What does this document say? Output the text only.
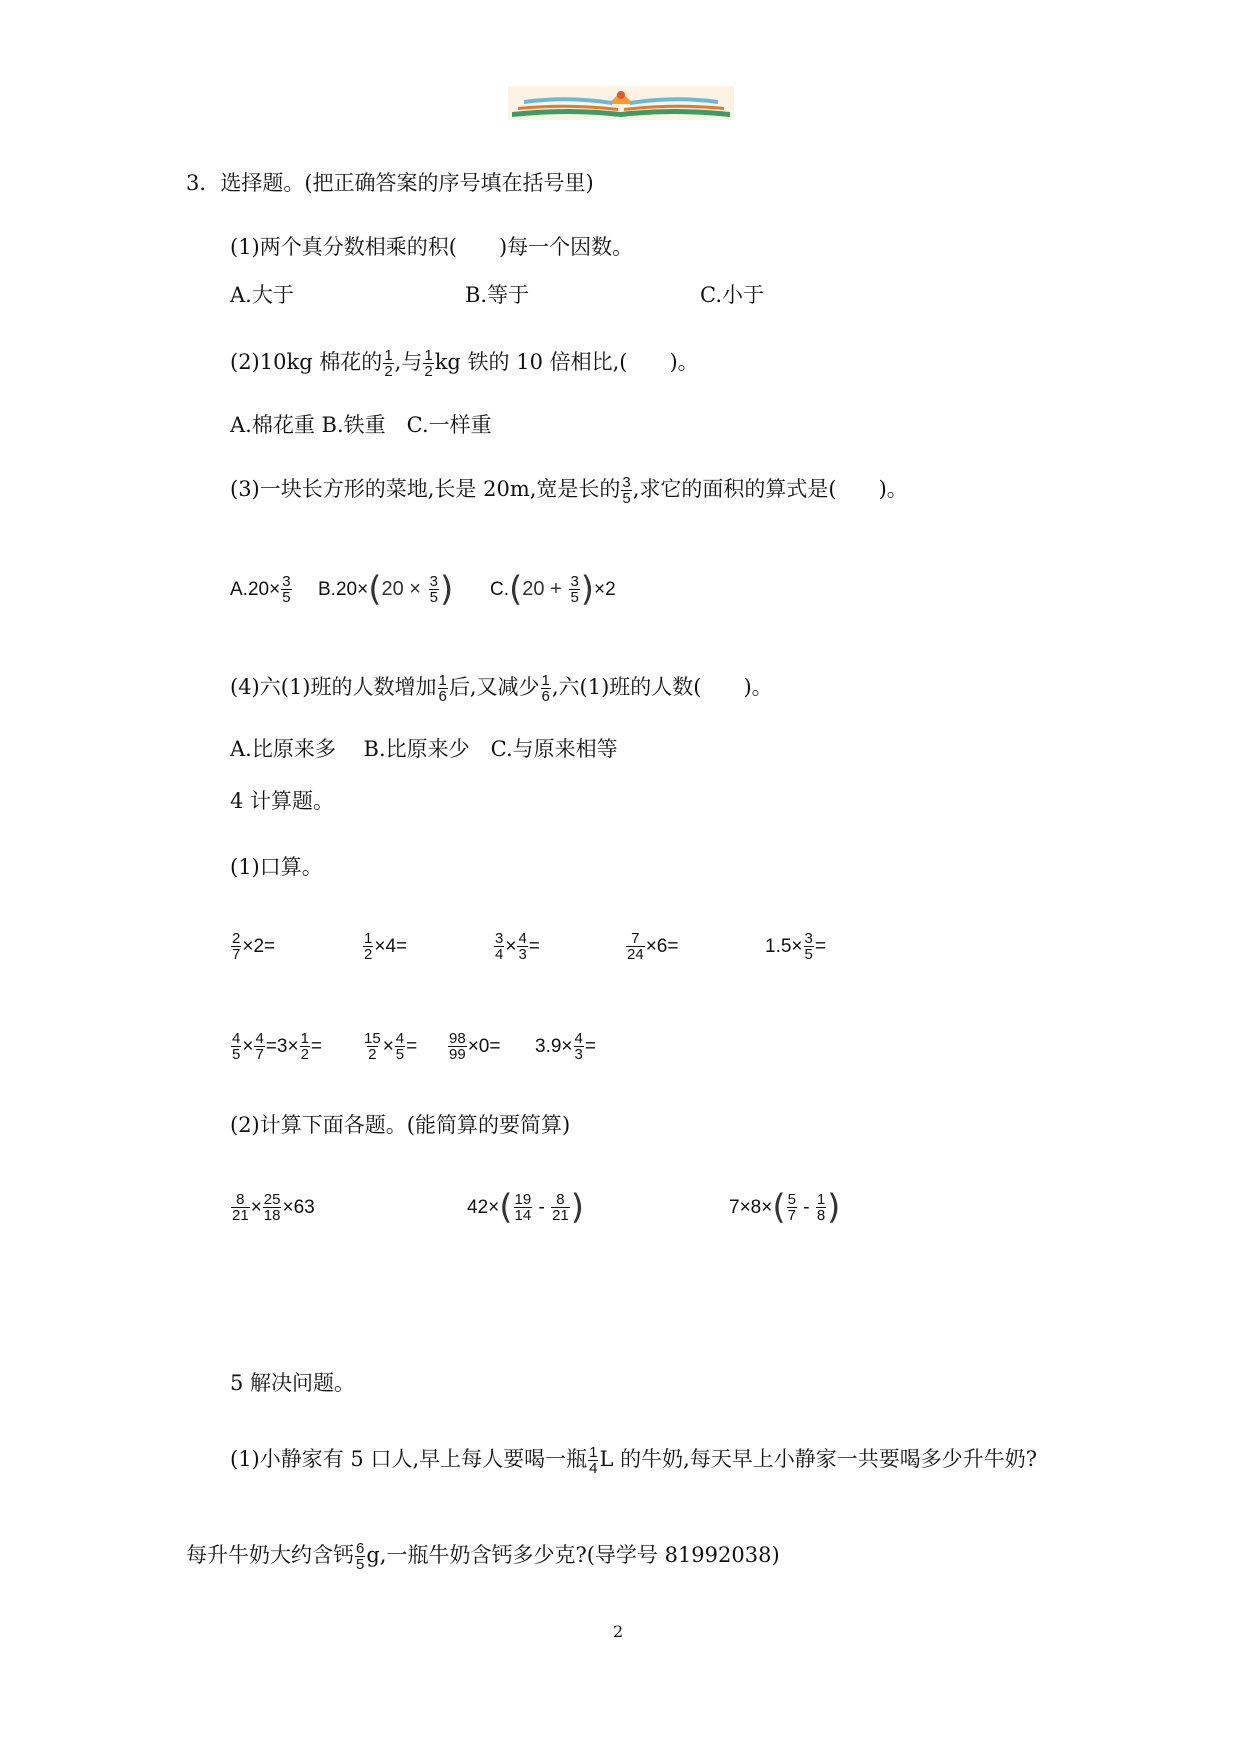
3．选择题。(把正确答案的序号填在括号里)
(1)两个真分数相乘的积(　　)每一个因数。
A.大于	B.等于	C.小于
(2)10kg 棉花的 $\frac{1}{2}$ ,与 $\frac{1}{2}$ kg 铁的 10 倍相比,(　　)。
A.棉花重 B.铁重　C.一样重
(3)一块长方形的菜地,长是 20m,宽是长的 $\frac{3}{5}$ ,求它的面积的算式是(　　)。
$A.20\times \frac{3}{5} B.20\times(20 \times \frac{3}{5}$ ) $C.(20 + \frac{3}{5} )\times 2$
(4)六(1)班的人数增加 $\frac{1}{6}$ 后,又减少 $\frac{1}{6}$ ,六(1)班的人数(　　)。
A.比原来多　 B.比原来少　C.与原来相等
4 计算题。
(1)口算。
$\frac{2}{7} \times 2=$	$\frac{1}{2} \times 4=$	$\frac{3}{4} \times \frac{4}{3}$ =	$\frac{7}{24} \times 6=$	$1.5\times \frac{3}{5}$ =
$\frac{4}{5} \times \frac{4}{7} =3\times \frac{1}{2}$ =	$\frac{15}{2} \times \frac{4}{5} = \frac{98}{99} \times 0= 3.9\times \frac{4}{3}$ =
(2)计算下面各题。(能简算的要简算)
$\frac{8}{21} \times \frac{25}{18} \times 63$	$42\times( \frac{19}{14} - \frac{8}{21}$ )	$7\times 8\times( \frac{5}{7} - \frac{1}{8}$ )
5 解决问题。
(1)小静家有 5 口人,早上每人要喝一瓶 $\frac{1}{4}$ L 的牛奶,每天早上小静家一共要喝多少升牛奶?
每升牛奶大约含钙 $\frac{6}{5} g$,一瓶牛奶含钙多少克?(导学号 81992038)
2
